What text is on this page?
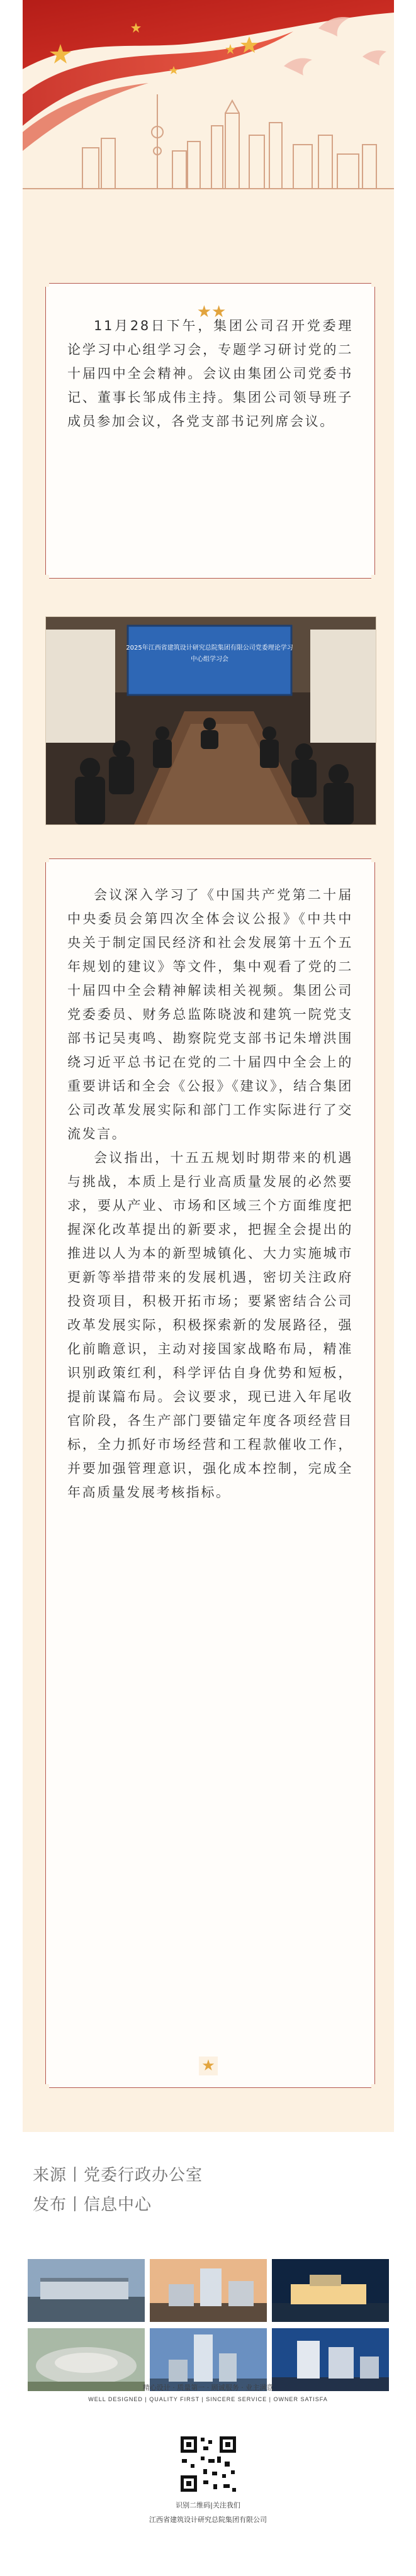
11月28日下午，集团公司召开党委理论学习中心组学习会，专题学习研讨党的二十届四中全会精神。会议由集团公司党委书记、董事长邹成伟主持。集团公司领导班子成员参加会议，各党支部书记列席会议。

★★
2025年江西省建筑设计研究总院集团有限公司党委理论学习
中心组学习会

会议深入学习了《中国共产党第二十届中央委员会第四次全体会议公报》《中共中央关于制定国民经济和社会发展第十五个五年规划的建议》等文件，集中观看了党的二十届四中全会精神解读相关视频。集团公司党委委员、财务总监陈晓波和建筑一院党支部书记吴夷鸣、勘察院党支部书记朱增洪围绕习近平总书记在党的二十届四中全会上的重要讲话和全会《公报》《建议》，结合集团公司改革发展实际和部门工作实际进行了交流发言。

会议指出，十五五规划时期带来的机遇与挑战，本质上是行业高质量发展的必然要求，要从产业、市场和区域三个方面维度把握深化改革提出的新要求，把握全会提出的推进以人为本的新型城镇化、大力实施城市更新等举措带来的发展机遇，密切关注政府投资项目，积极开拓市场；要紧密结合公司改革发展实际，积极探索新的发展路径，强化前瞻意识，主动对接国家战略布局，精准识别政策红利，科学评估自身优势和短板，提前谋篇布局。会议要求，现已进入年尾收官阶段，各生产部门要锚定年度各项经营目标，全力抓好市场经营和工程款催收工作，并要加强管理意识，强化成本控制，完成全年高质量发展考核指标。

★
来源丨党委行政办公室
发布丨信息中心
精心设计 · 质量第一 · 顾诚服务 · 业主满意
WELL DESIGNED | QUALITY FIRST | SINCERE SERVICE | OWNER SATISFA
识别二维码|关注我们
江西省建筑设计研究总院集团有限公司
